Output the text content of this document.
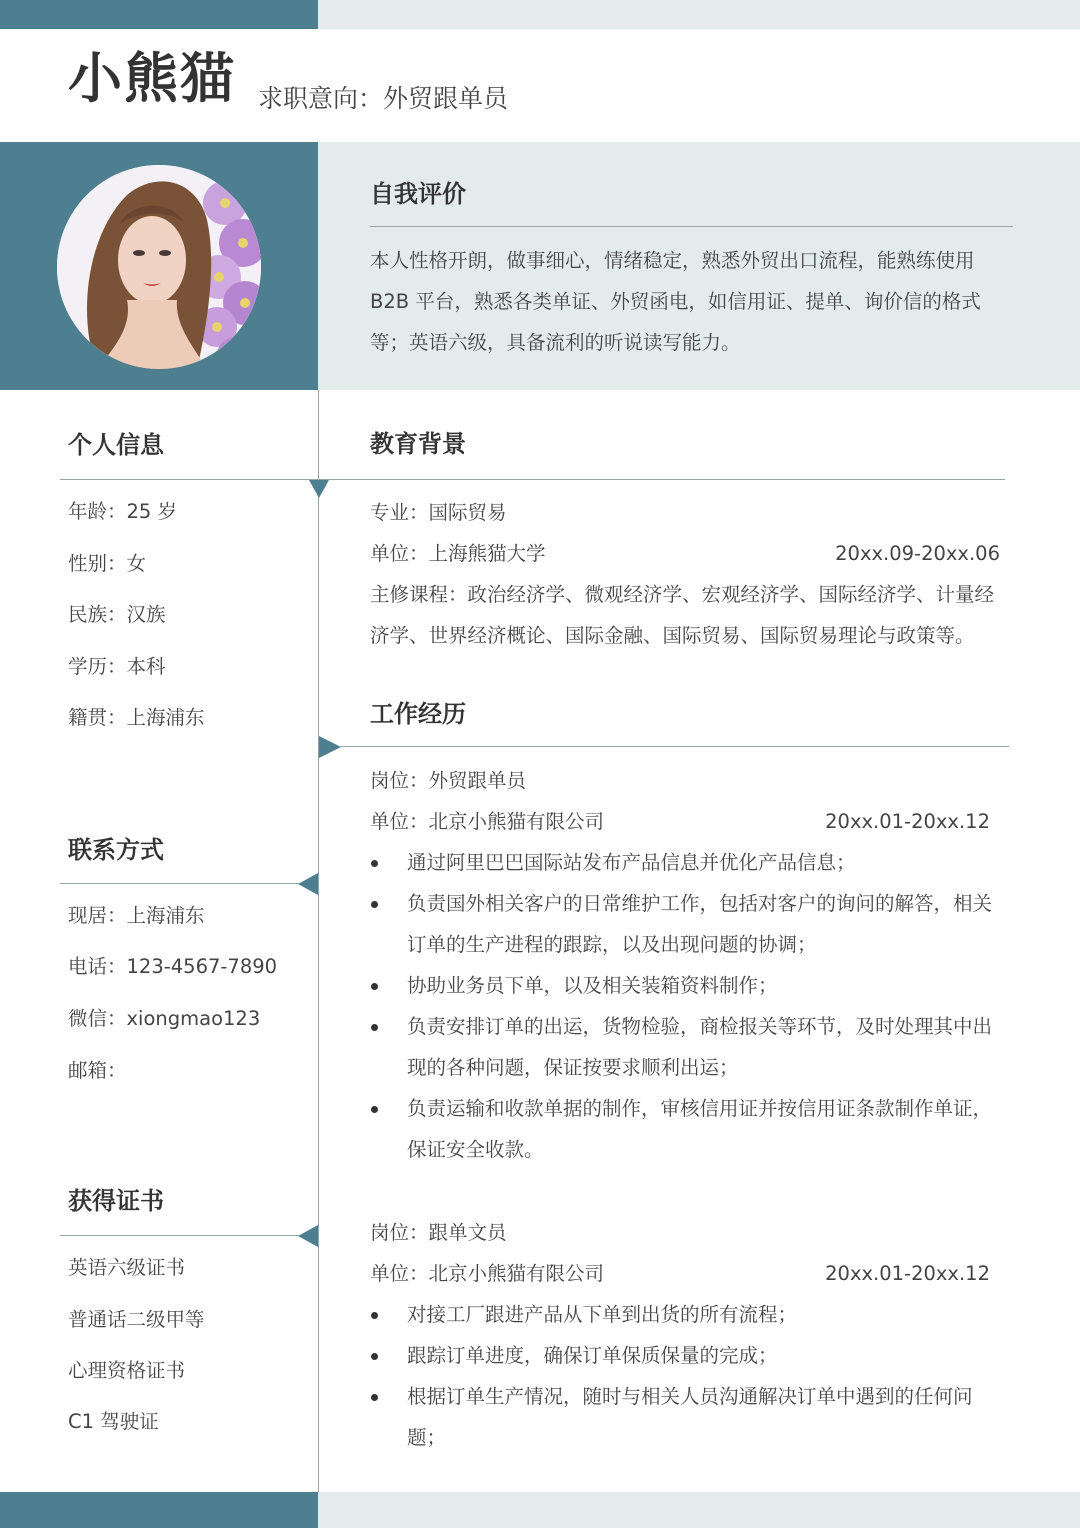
小熊猫 求职意向：外贸跟单员
自我评价
本人性格开朗，做事细心，情绪稳定，熟悉外贸出口流程，能熟练使用
B2B 平台，熟悉各类单证、外贸函电，如信用证、提单、询价信的格式
等；英语六级，具备流利的听说读写能力。
个人信息
年龄：25 岁
性别：女
民族：汉族
学历：本科
籍贯：上海浦东
联系方式
现居：上海浦东
电话：123-4567-7890
微信：xiongmao123
邮箱：
获得证书
英语六级证书
普通话二级甲等
心理资格证书
C1 驾驶证
教育背景
专业：国际贸易
单位：上海熊猫大学	20xx.09-20xx.06
主修课程：政治经济学、微观经济学、宏观经济学、国际经济学、计量经
济学、世界经济概论、国际金融、国际贸易、国际贸易理论与政策等。
工作经历
岗位：外贸跟单员
单位：北京小熊猫有限公司	20xx.01-20xx.12
通过阿里巴巴国际站发布产品信息并优化产品信息；
负责国外相关客户的日常维护工作，包括对客户的询问的解答，相关订单的生产进程的跟踪，以及出现问题的协调；
协助业务员下单，以及相关装箱资料制作；
负责安排订单的出运，货物检验，商检报关等环节，及时处理其中出现的各种问题，保证按要求顺利出运；
负责运输和收款单据的制作，审核信用证并按信用证条款制作单证，保证安全收款。
岗位：跟单文员
单位：北京小熊猫有限公司	20xx.01-20xx.12
对接工厂跟进产品从下单到出货的所有流程；
跟踪订单进度，确保订单保质保量的完成；
根据订单生产情况，随时与相关人员沟通解决订单中遇到的任何问题；
